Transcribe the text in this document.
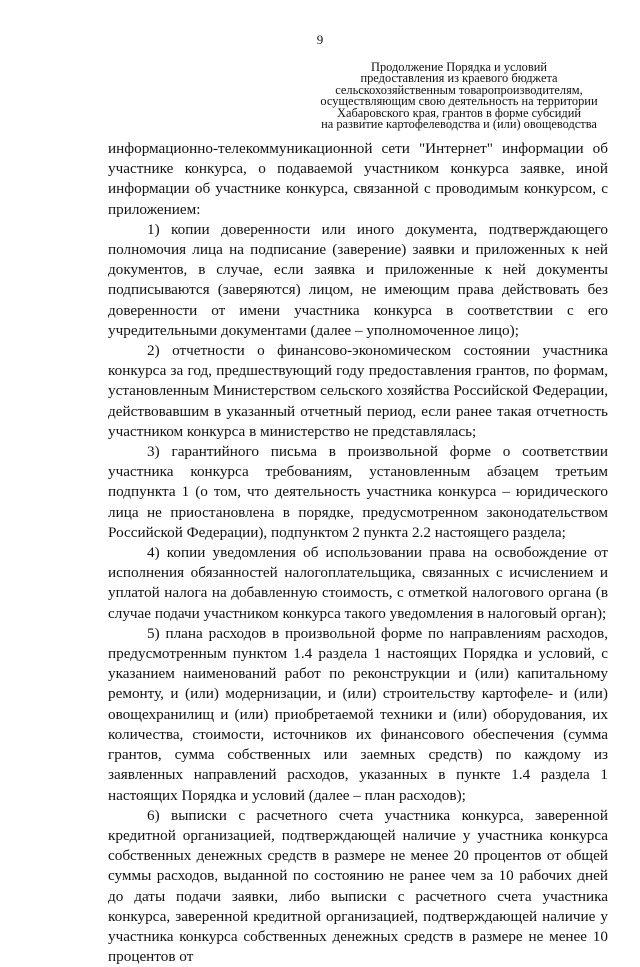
9
Продолжение Порядка и условий
предоставления из краевого бюджета
сельскохозяйственным товаропроизводителям,
осуществляющим свою деятельность на территории
Хабаровского края, грантов в форме субсидий
на развитие картофелеводства и (или) овощеводства

информационно-телекоммуникационной сети "Интернет" информации об участнике конкурса, о подаваемой участником конкурса заявке, иной информации об участнике конкурса, связанной с проводимым конкурсом, с приложением:

1) копии доверенности или иного документа, подтверждающего полномочия лица на подписание (заверение) заявки и приложенных к ней документов, в случае, если заявка и приложенные к ней документы подписываются (заверяются) лицом, не имеющим права действовать без доверенности от имени участника конкурса в соответствии с его учредительными документами (далее – уполномоченное лицо);

2) отчетности о финансово-экономическом состоянии участника конкурса за год, предшествующий году предоставления грантов, по формам, установленным Министерством сельского хозяйства Российской Федерации, действовавшим в указанный отчетный период, если ранее такая отчетность участником конкурса в министерство не представлялась;

3) гарантийного письма в произвольной форме о соответствии участника конкурса требованиям, установленным абзацем третьим подпункта 1 (о том, что деятельность участника конкурса – юридического лица не приостановлена в порядке, предусмотренном законодательством Российской Федерации), подпунктом 2 пункта 2.2 настоящего раздела;

4) копии уведомления об использовании права на освобождение от исполнения обязанностей налогоплательщика, связанных с исчислением и уплатой налога на добавленную стоимость, с отметкой налогового органа (в случае подачи участником конкурса такого уведомления в налоговый орган);

5) плана расходов в произвольной форме по направлениям расходов, предусмотренным пунктом 1.4 раздела 1 настоящих Порядка и условий, с указанием наименований работ по реконструкции и (или) капитальному ремонту, и (или) модернизации, и (или) строительству картофеле- и (или) овощехранилищ и (или) приобретаемой техники и (или) оборудования, их количества, стоимости, источников их финансового обеспечения (сумма грантов, сумма собственных или заемных средств) по каждому из заявленных направлений расходов, указанных в пункте 1.4 раздела 1 настоящих Порядка и условий (далее – план расходов);

6) выписки с расчетного счета участника конкурса, заверенной кредитной организацией, подтверждающей наличие у участника конкурса собственных денежных средств в размере не менее 20 процентов от общей суммы расходов, выданной по состоянию не ранее чем за 10 рабочих дней до даты подачи заявки, либо выписки с расчетного счета участника конкурса, заверенной кредитной организацией, подтверждающей наличие у участника конкурса собственных денежных средств в размере не менее 10 процентов от
